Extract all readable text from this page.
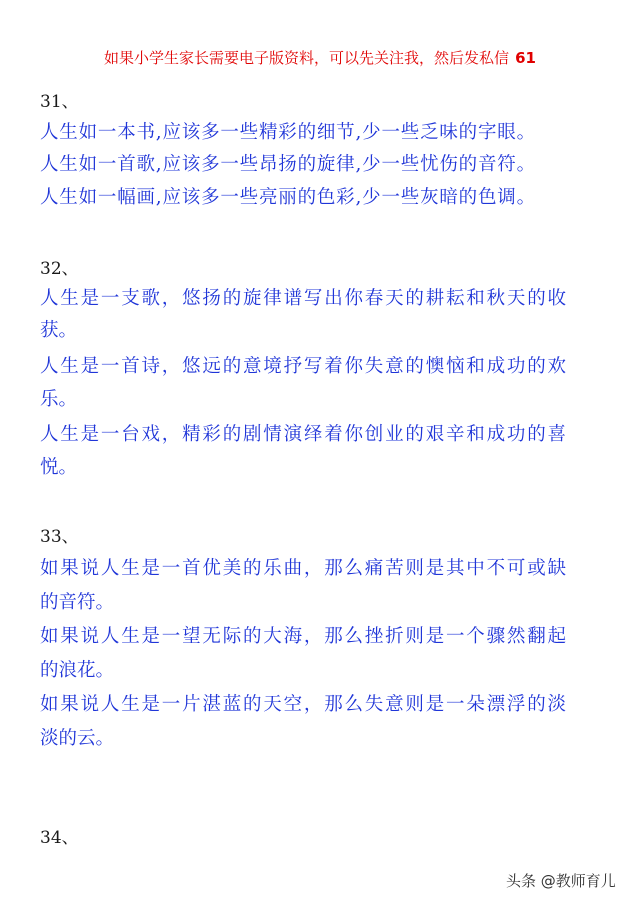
如果小学生家长需要电子版资料，可以先关注我，然后发私信 61
31、
人生如一本书,应该多一些精彩的细节,少一些乏味的字眼。
人生如一首歌,应该多一些昂扬的旋律,少一些忧伤的音符。
人生如一幅画,应该多一些亮丽的色彩,少一些灰暗的色调。
32、
人生是一支歌，悠扬的旋律谱写出你春天的耕耘和秋天的收
获。
人生是一首诗，悠远的意境抒写着你失意的懊恼和成功的欢
乐。
人生是一台戏，精彩的剧情演绎着你创业的艰辛和成功的喜
悦。
33、
如果说人生是一首优美的乐曲，那么痛苦则是其中不可或缺
的音符。
如果说人生是一望无际的大海，那么挫折则是一个骤然翻起
的浪花。
如果说人生是一片湛蓝的天空，那么失意则是一朵漂浮的淡
淡的云。
34、
头条 @教师育儿
